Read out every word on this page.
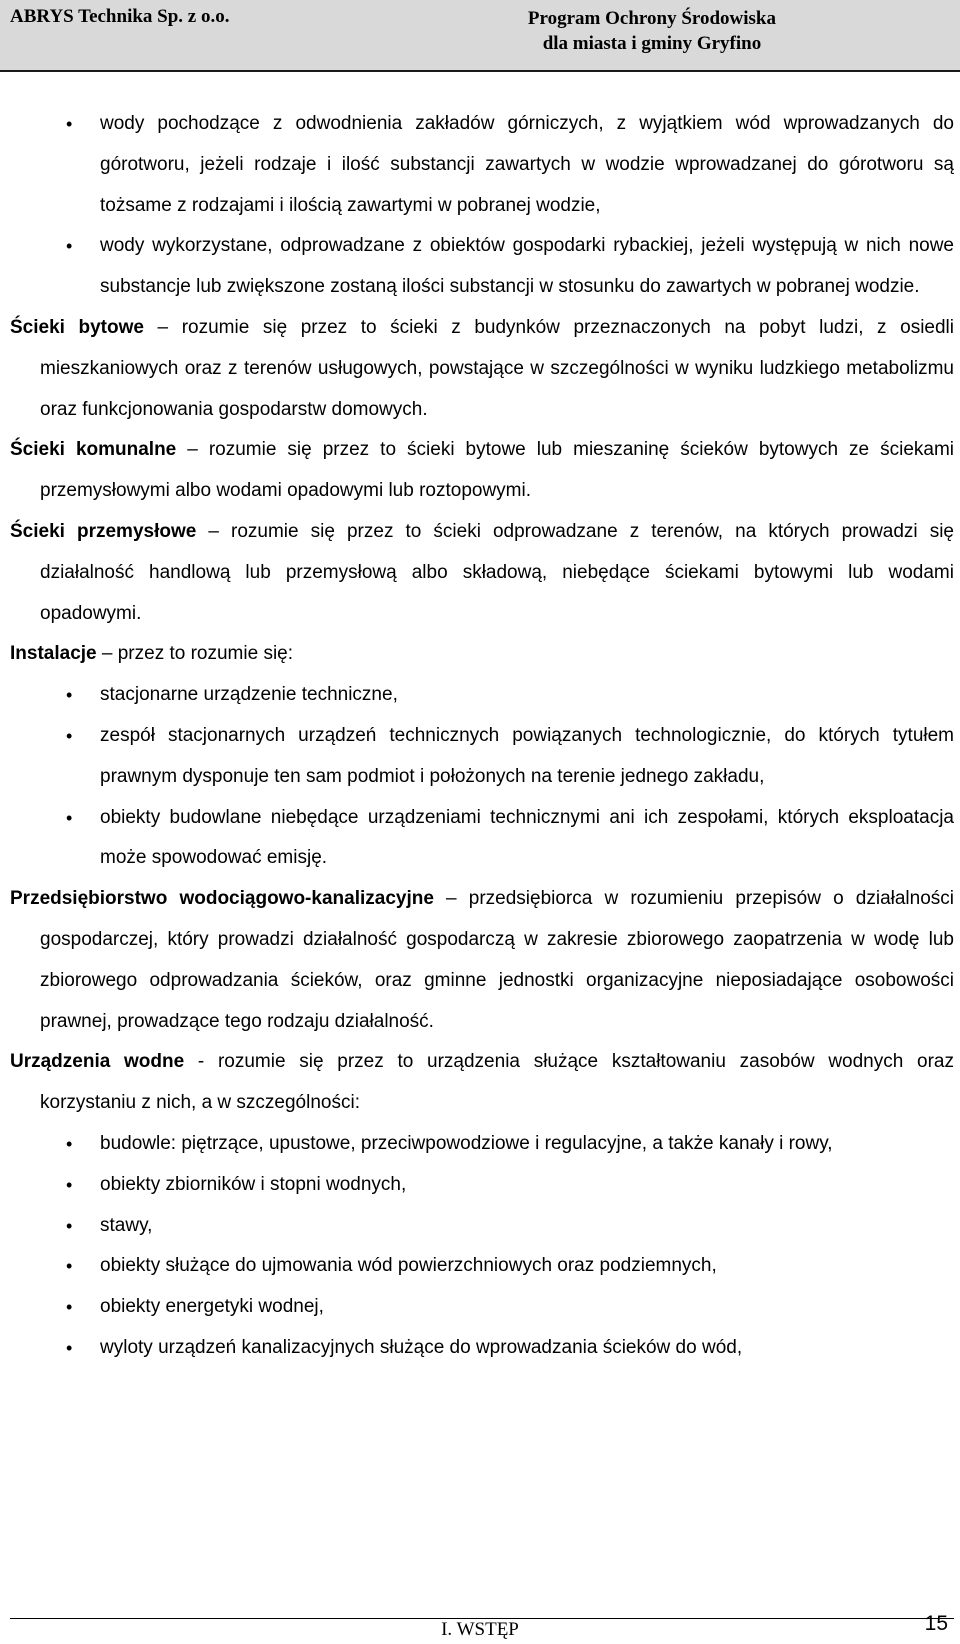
ABRYS Technika Sp. z o.o.	Program Ochrony Środowiska
dla miasta i gminy Gryfino

• wody pochodzące z odwodnienia zakładów górniczych, z wyjątkiem wód wprowadzanych do górotworu, jeżeli rodzaje i ilość substancji zawartych w wodzie wprowadzanej do górotworu są tożsame z rodzajami i ilością zawartymi w pobranej wodzie,

• wody wykorzystane, odprowadzane z obiektów gospodarki rybackiej, jeżeli występują w nich nowe substancje lub zwiększone zostaną ilości substancji w stosunku do zawartych w pobranej wodzie.

Ścieki bytowe – rozumie się przez to ścieki z budynków przeznaczonych na pobyt ludzi, z osiedli mieszkaniowych oraz z terenów usługowych, powstające w szczególności w wyniku ludzkiego metabolizmu oraz funkcjonowania gospodarstw domowych.

Ścieki komunalne – rozumie się przez to ścieki bytowe lub mieszaninę ścieków bytowych ze ściekami przemysłowymi albo wodami opadowymi lub roztopowymi.

Ścieki przemysłowe – rozumie się przez to ścieki odprowadzane z terenów, na których prowadzi się działalność handlową lub przemysłową albo składową, niebędące ściekami bytowymi lub wodami opadowymi.

Instalacje – przez to rozumie się:

• stacjonarne urządzenie techniczne,

• zespół stacjonarnych urządzeń technicznych powiązanych technologicznie, do których tytułem prawnym dysponuje ten sam podmiot i położonych na terenie jednego zakładu,

• obiekty budowlane niebędące urządzeniami technicznymi ani ich zespołami, których eksploatacja może spowodować emisję.

Przedsiębiorstwo wodociągowo-kanalizacyjne – przedsiębiorca w rozumieniu przepisów o działalności gospodarczej, który prowadzi działalność gospodarczą w zakresie zbiorowego zaopatrzenia w wodę lub zbiorowego odprowadzania ścieków, oraz gminne jednostki organizacyjne nieposiadające osobowości prawnej, prowadzące tego rodzaju działalność.

Urządzenia wodne - rozumie się przez to urządzenia służące kształtowaniu zasobów wodnych oraz korzystaniu z nich, a w szczególności:

• budowle: piętrzące, upustowe, przeciwpowodziowe i regulacyjne, a także kanały i rowy,

• obiekty zbiorników i stopni wodnych,

• stawy,

• obiekty służące do ujmowania wód powierzchniowych oraz podziemnych,

• obiekty energetyki wodnej,

• wyloty urządzeń kanalizacyjnych służące do wprowadzania ścieków do wód,

I. WSTĘP	15
